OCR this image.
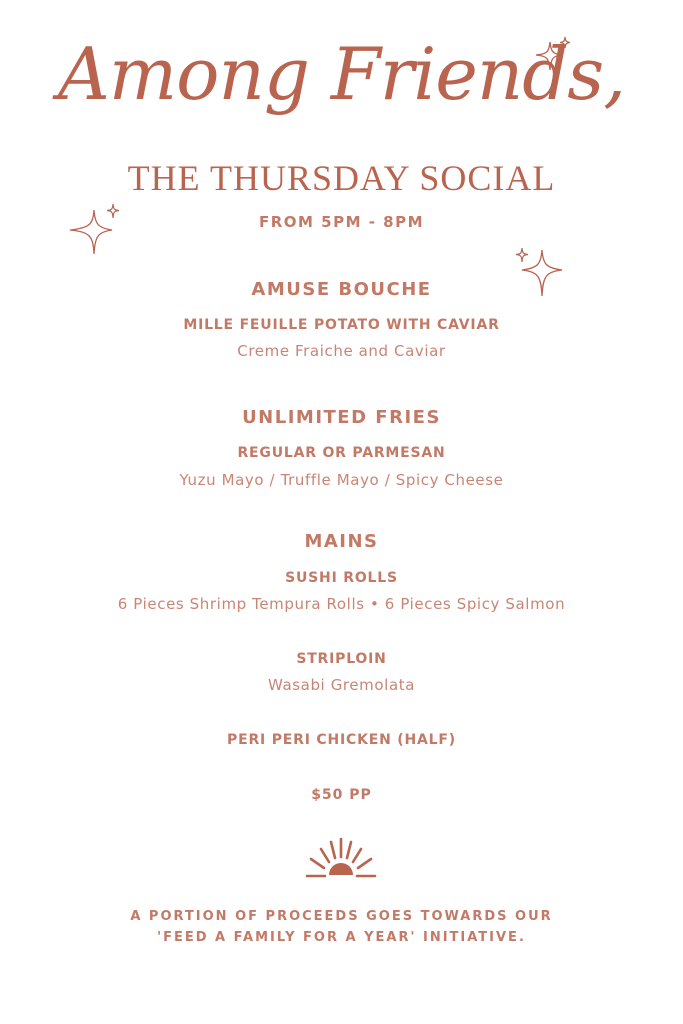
Among Friends,
THE THURSDAY SOCIAL
FROM 5PM - 8PM
AMUSE BOUCHE
MILLE FEUILLE POTATO WITH CAVIAR
Creme Fraiche and Caviar
UNLIMITED FRIES
REGULAR OR PARMESAN
Yuzu Mayo / Truffle Mayo / Spicy Cheese
MAINS
SUSHI ROLLS
6 Pieces Shrimp Tempura Rolls • 6 Pieces Spicy Salmon
STRIPLOIN
Wasabi Gremolata
PERI PERI CHICKEN (HALF)
$50 PP
A PORTION OF PROCEEDS GOES TOWARDS OUR
'FEED A FAMILY FOR A YEAR' INITIATIVE.
